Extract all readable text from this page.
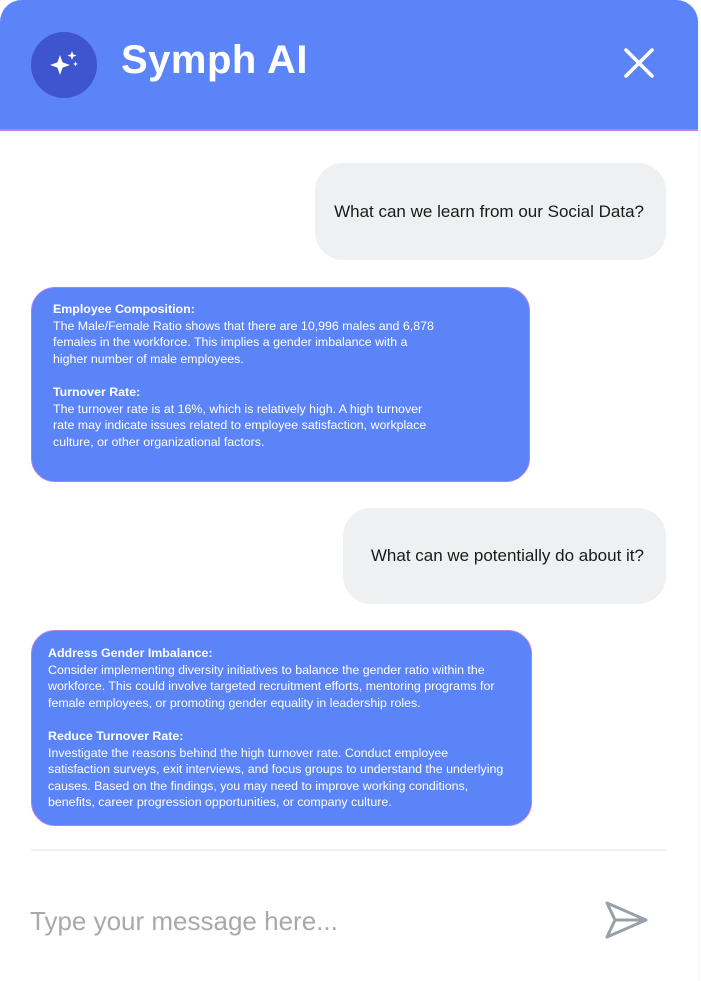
Symph AI
What can we learn from our Social Data?
Employee Composition:
The Male/Female Ratio shows that there are 10,996 males and 6,878
females in the workforce. This implies a gender imbalance with a
higher number of male employees.
Turnover Rate:
The turnover rate is at 16%, which is relatively high. A high turnover
rate may indicate issues related to employee satisfaction, workplace
culture, or other organizational factors.
What can we potentially do about it?
Address Gender Imbalance:
Consider implementing diversity initiatives to balance the gender ratio within the
workforce. This could involve targeted recruitment efforts, mentoring programs for
female employees, or promoting gender equality in leadership roles.
Reduce Turnover Rate:
Investigate the reasons behind the high turnover rate. Conduct employee
satisfaction surveys, exit interviews, and focus groups to understand the underlying
causes. Based on the findings, you may need to improve working conditions,
benefits, career progression opportunities, or company culture.
Type your message here...
